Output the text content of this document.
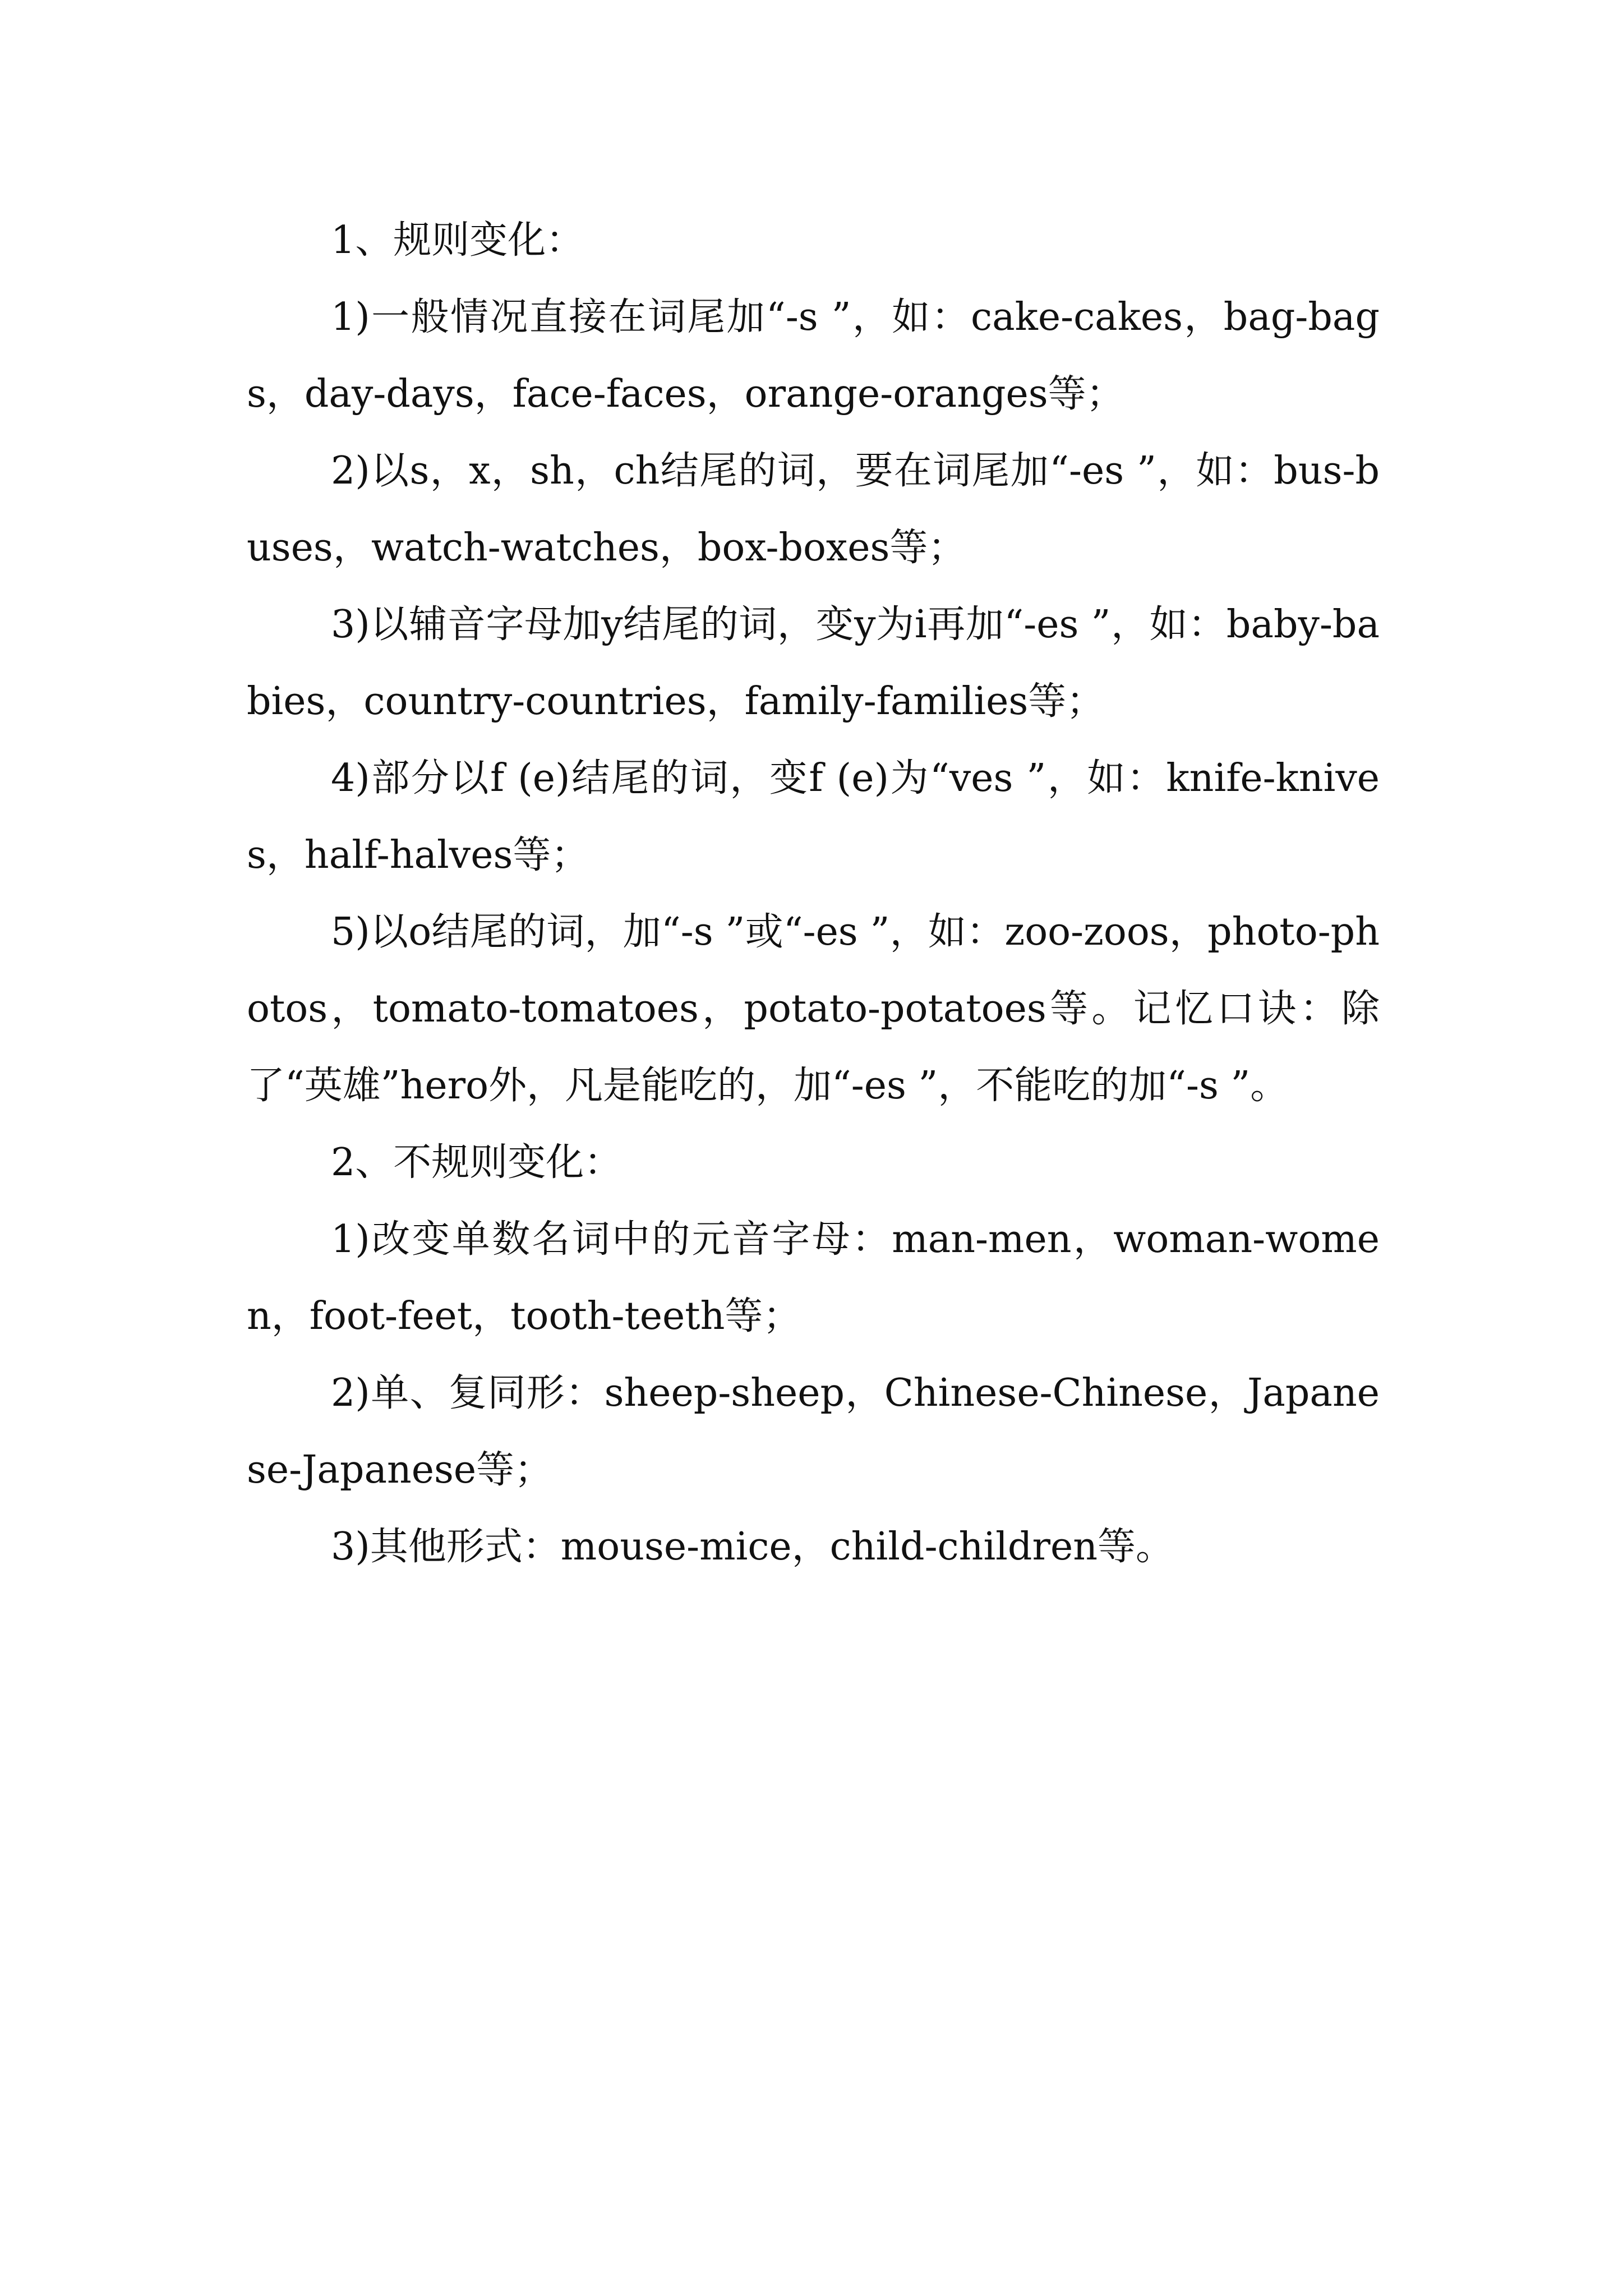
1、规则变化：

1)一般情况直接在词尾加“-s ”，如：cake-cakes，bag-bags，day-days，face-faces，orange-oranges等；

2)以s，x，sh，ch结尾的词，要在词尾加“-es ”，如：bus-buses，watch-watches，box-boxes等；

3)以辅音字母加y结尾的词，变y为i再加“-es ”，如：baby-babies，country-countries，family-families等；

4)部分以f (e)结尾的词，变f (e)为“ves ”，如：knife-knives，half-halves等；

5)以o结尾的词，加“-s ”或“-es ”，如：zoo-zoos，photo-photos，tomato-tomatoes，potato-potatoes等。记忆口诀：除了“英雄”hero外，凡是能吃的，加“-es ”，不能吃的加“-s ”。

2、不规则变化：

1)改变单数名词中的元音字母：man-men，woman-women，foot-feet，tooth-teeth等；

2)单、复同形：sheep-sheep，Chinese-Chinese，Japanese-Japanese等；

3)其他形式：mouse-mice，child-children等。
